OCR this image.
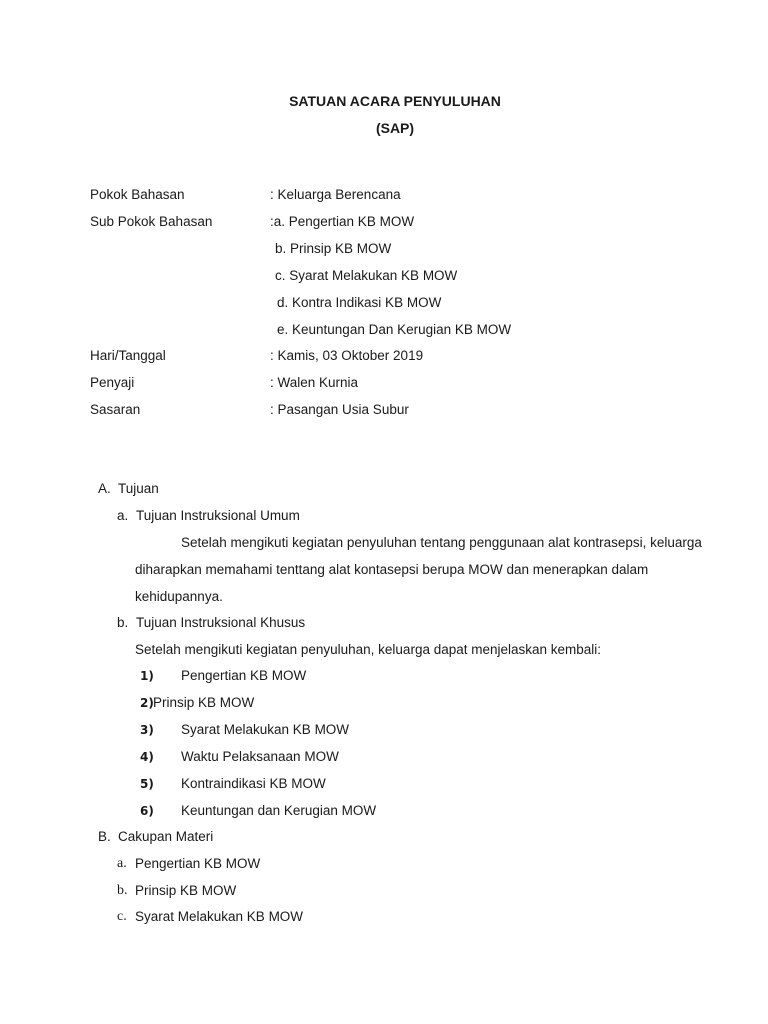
SATUAN ACARA PENYULUHAN
(SAP)
Pokok Bahasan	: Keluarga Berencana
Sub Pokok Bahasan	:a. Pengertian KB MOW
b. Prinsip KB MOW
c. Syarat Melakukan KB MOW
d. Kontra Indikasi KB MOW
e. Keuntungan Dan Kerugian KB MOW
Hari/Tanggal	: Kamis, 03 Oktober 2019
Penyaji	: Walen Kurnia
Sasaran	: Pasangan Usia Subur
A. Tujuan
a. Tujuan Instruksional Umum
Setelah mengikuti kegiatan penyuluhan tentang penggunaan alat kontrasepsi, keluarga
diharapkan memahami tenttang alat kontasepsi berupa MOW dan menerapkan dalam
kehidupannya.
b. Tujuan Instruksional Khusus
Setelah mengikuti kegiatan penyuluhan, keluarga dapat menjelaskan kembali:
1) Pengertian KB MOW
2) Prinsip KB MOW
3) Syarat Melakukan KB MOW
4) Waktu Pelaksanaan MOW
5) Kontraindikasi KB MOW
6) Keuntungan dan Kerugian MOW
B. Cakupan Materi
a. Pengertian KB MOW
b. Prinsip KB MOW
c. Syarat Melakukan KB MOW
